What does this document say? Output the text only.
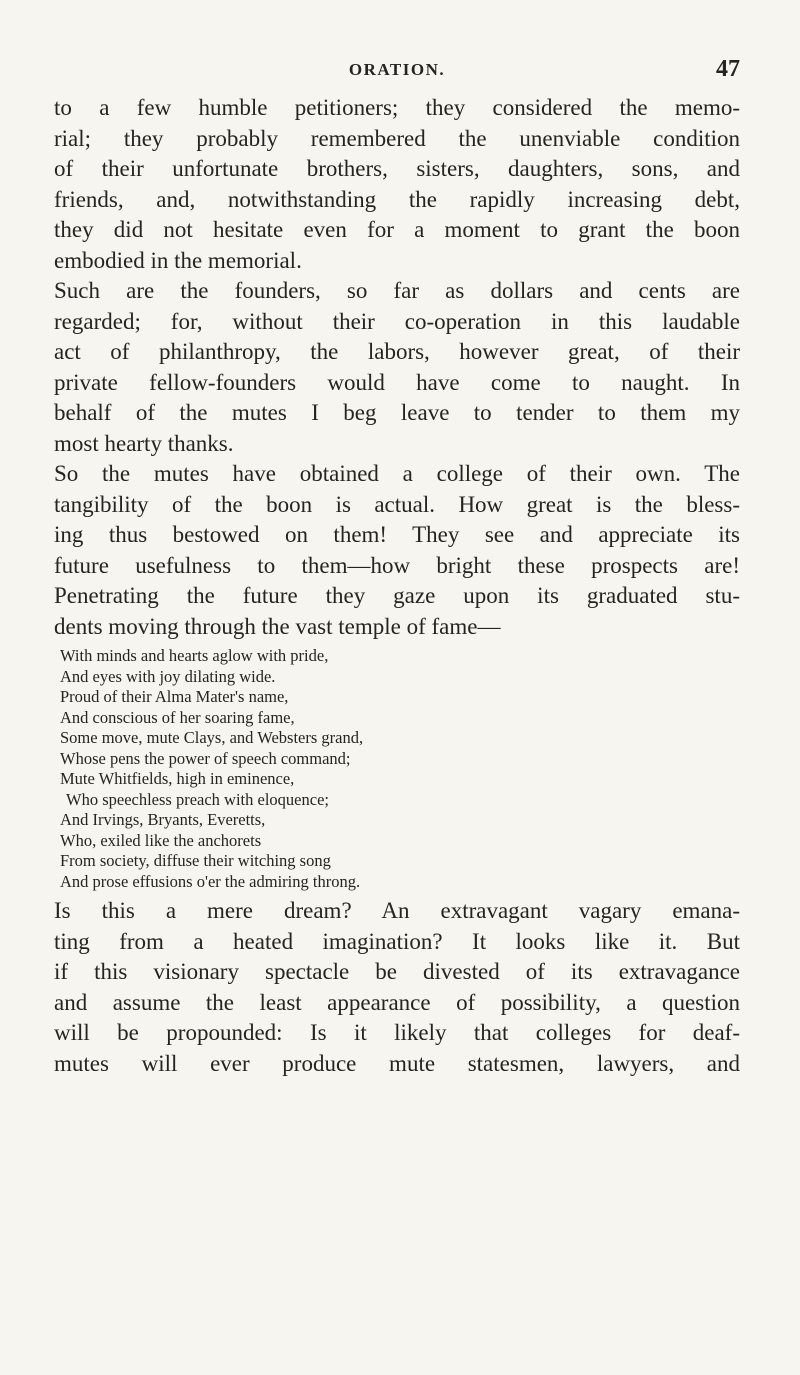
ORATION.	47
to a few humble petitioners; they considered the memo-
rial; they probably remembered the unenviable condition
of their unfortunate brothers, sisters, daughters, sons, and
friends, and, notwithstanding the rapidly increasing debt,
they did not hesitate even for a moment to grant the boon
embodied in the memorial.
Such are the founders, so far as dollars and cents are
regarded; for, without their co-operation in this laudable
act of philanthropy, the labors, however great, of their
private fellow-founders would have come to naught. In
behalf of the mutes I beg leave to tender to them my
most hearty thanks.
So the mutes have obtained a college of their own. The
tangibility of the boon is actual. How great is the bless-
ing thus bestowed on them! They see and appreciate its
future usefulness to them—how bright these prospects are!
Penetrating the future they gaze upon its graduated stu-
dents moving through the vast temple of fame—
With minds and hearts aglow with pride,
And eyes with joy dilating wide.
Proud of their Alma Mater's name,
And conscious of her soaring fame,
Some move, mute Clays, and Websters grand,
Whose pens the power of speech command;
Mute Whitfields, high in eminence,
Who speechless preach with eloquence;
And Irvings, Bryants, Everetts,
Who, exiled like the anchorets
From society, diffuse their witching song
And prose effusions o'er the admiring throng.
Is this a mere dream? An extravagant vagary emana-
ting from a heated imagination? It looks like it. But
if this visionary spectacle be divested of its extravagance
and assume the least appearance of possibility, a question
will be propounded: Is it likely that colleges for deaf-
mutes will ever produce mute statesmen, lawyers, and
